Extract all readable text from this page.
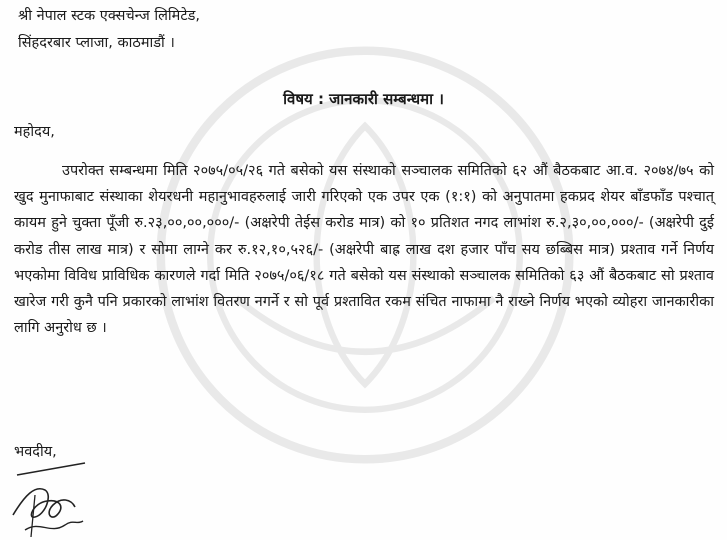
श्री नेपाल स्टक एक्सचेन्ज लिमिटेड,
सिंहदरबार प्लाजा, काठमाडौं ।
विषय : जानकारी सम्बन्धमा ।
महोदय,
उपरोक्त सम्बन्धमा मिति २०७५/०५/२६ गते बसेको यस संस्थाको सञ्चालक समितिको ६२ औं बैठकबाट आ.व. २०७४/७५ को खुद मुनाफाबाट संस्थाका शेयरधनी महानुभावहरुलाई जारी गरिएको एक उपर एक (१:१) को अनुपातमा हकप्रद शेयर बाँडफाँड पश्चात् कायम हुने चुक्ता पूँजी रु.२३,००,००,०००/- (अक्षरेपी तेईस करोड मात्र) को १० प्रतिशत नगद लाभांश रु.२,३०,००,०००/- (अक्षरेपी दुई करोड तीस लाख मात्र) र सोमा लाग्ने कर रु.१२,१०,५२६/- (अक्षरेपी बाह्र लाख दश हजार पाँच सय छब्बिस मात्र) प्रश्ताव गर्ने निर्णय भएकोमा विविध प्राविधिक कारणले गर्दा मिति २०७५/०६/१८ गते बसेको यस संस्थाको सञ्चालक समितिको ६३ औं बैठकबाट सो प्रश्ताव खारेज गरी कुनै पनि प्रकारको लाभांश वितरण नगर्ने र सो पूर्व प्रश्तावित रकम संचित नाफामा नै राख्ने निर्णय भएको व्योहरा जानकारीका लागि अनुरोध छ ।
भवदीय,
